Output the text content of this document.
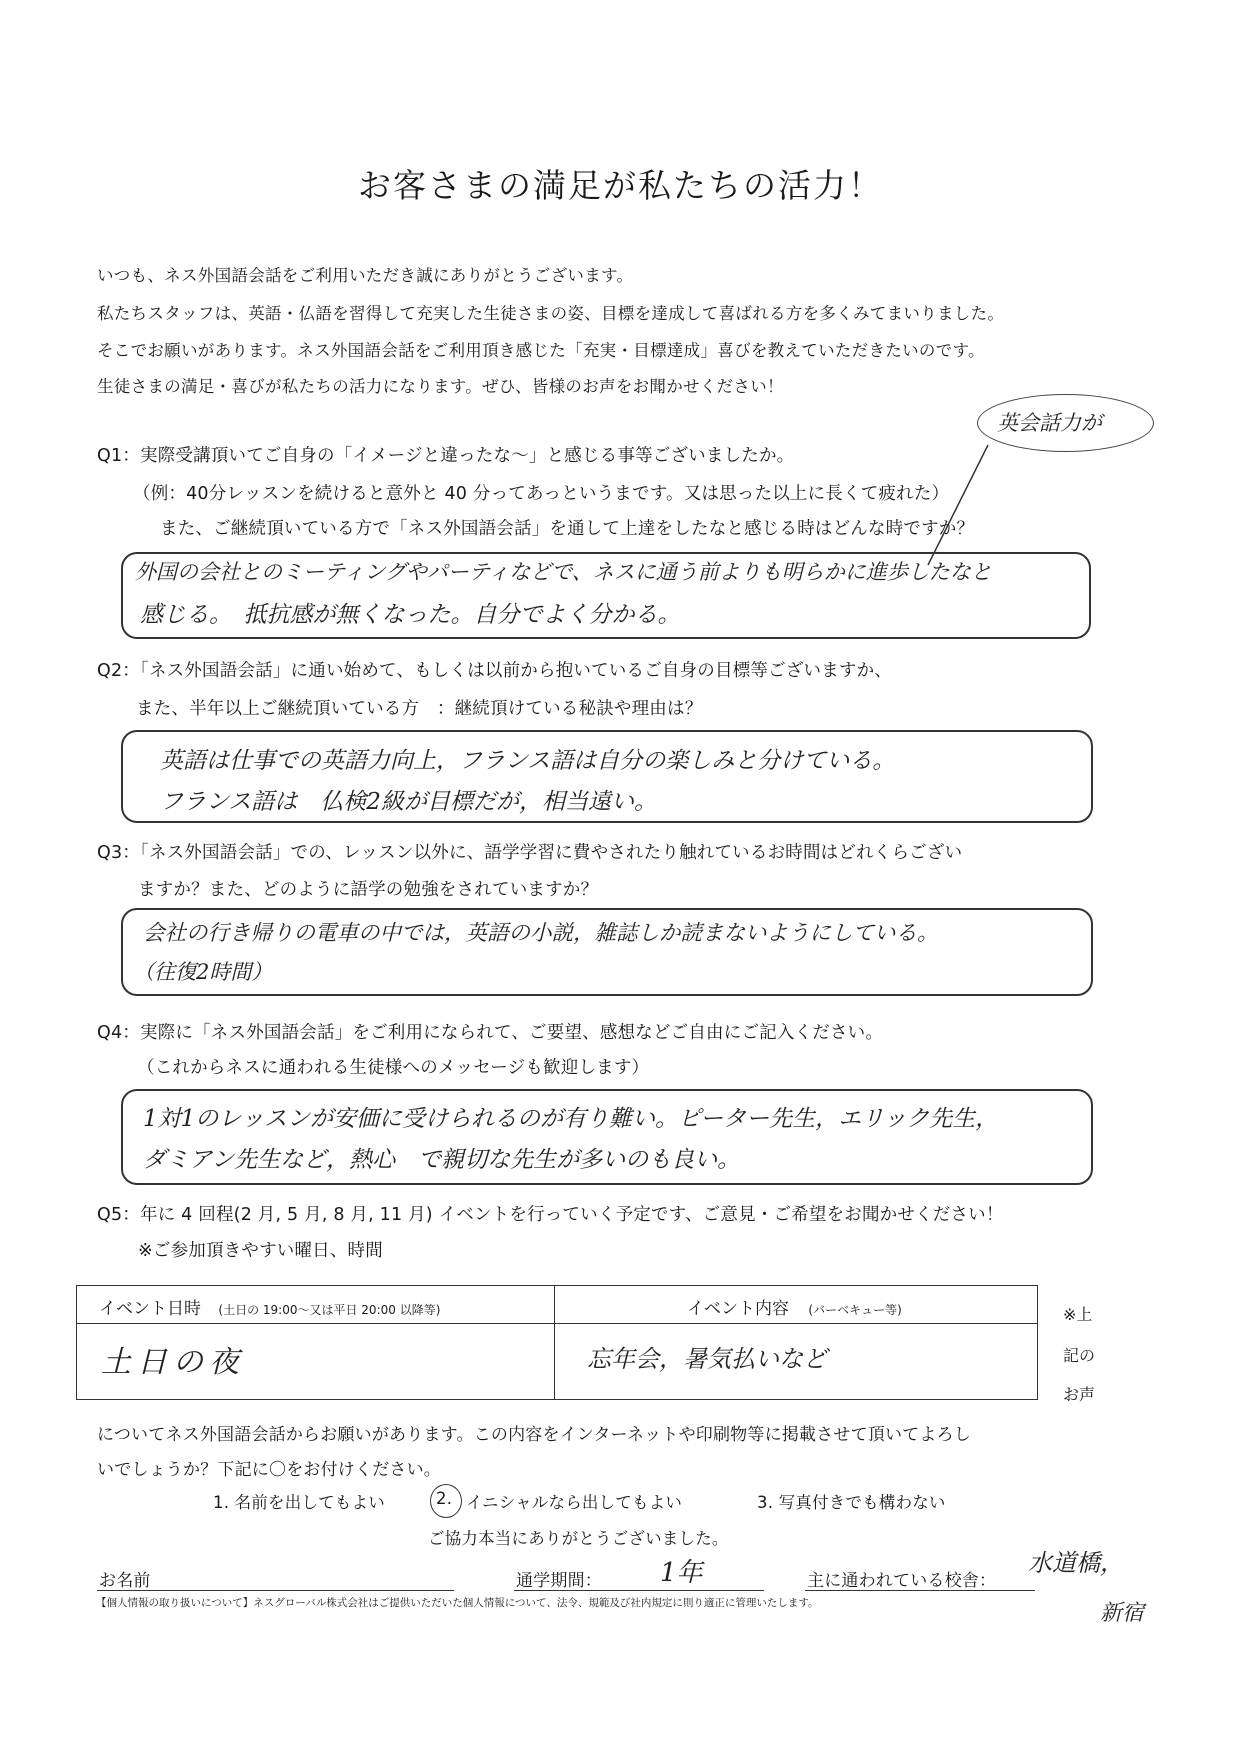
お客さまの満足が私たちの活力！
いつも、ネス外国語会話をご利用いただき誠にありがとうございます。
私たちスタッフは、英語・仏語を習得して充実した生徒さまの姿、目標を達成して喜ばれる方を多くみてまいりました。
そこでお願いがあります。ネス外国語会話をご利用頂き感じた「充実・目標達成」喜びを教えていただきたいのです。
生徒さまの満足・喜びが私たちの活力になります。ぜひ、皆様のお声をお聞かせください！
英会話力が
Q1：実際受講頂いてご自身の「イメージと違ったな～」と感じる事等ございましたか。
（例：40分レッスンを続けると意外と 40 分ってあっというまです。又は思った以上に長くて疲れた）
また、ご継続頂いている方で「ネス外国語会話」を通して上達をしたなと感じる時はどんな時ですか？
外国の会社とのミーティングやパーティなどで、ネスに通う前よりも明らかに進歩したなと
感じる。　抵抗感が無くなった。自分でよく分かる。
Q2：「ネス外国語会話」に通い始めて、もしくは以前から抱いているご自身の目標等ございますか、
また、半年以上ご継続頂いている方　：継続頂けている秘訣や理由は？
英語は仕事での英語力向上，フランス語は自分の楽しみと分けている。
フランス語は　仏検2級が目標だが，相当遠い。
Q3：「ネス外国語会話」での、レッスン以外に、語学学習に費やされたり触れているお時間はどれくらござい
ますか？また、どのように語学の勉強をされていますか？
会社の行き帰りの電車の中では，英語の小説，雑誌しか読まないようにしている。
（往復2時間）
Q4：実際に「ネス外国語会話」をご利用になられて、ご要望、感想などご自由にご記入ください。
（これからネスに通われる生徒様へのメッセージも歓迎します）
1対1のレッスンが安価に受けられるのが有り難い。ピーター先生，エリック先生，
ダミアン先生など，熱心　で親切な先生が多いのも良い。
Q5：年に 4 回程(2 月, 5 月, 8 月, 11 月) イベントを行っていく予定です、ご意見・ご希望をお聞かせください！
※ご参加頂きやすい曜日、時間
イベント日時 (土日の 19:00～又は平日 20:00 以降等)	イベント内容 (バーベキュー等)
土日の夜	忘年会，暑気払いなど
※上
記の
お声
についてネス外国語会話からお願いがあります。この内容をインターネットや印刷物等に掲載させて頂いてよろし
いでしょうか？下記に〇をお付けください。
1. 名前を出してもよい	2. イニシャルなら出してもよい	3. 写真付きでも構わない
ご協力本当にありがとうございました。
お名前	通学期間： 1年	主に通われている校舎：
水道橋，
新宿
【個人情報の取り扱いについて】ネスグローバル株式会社はご提供いただいた個人情報について、法令、規範及び社内規定に則り適正に管理いたします。
